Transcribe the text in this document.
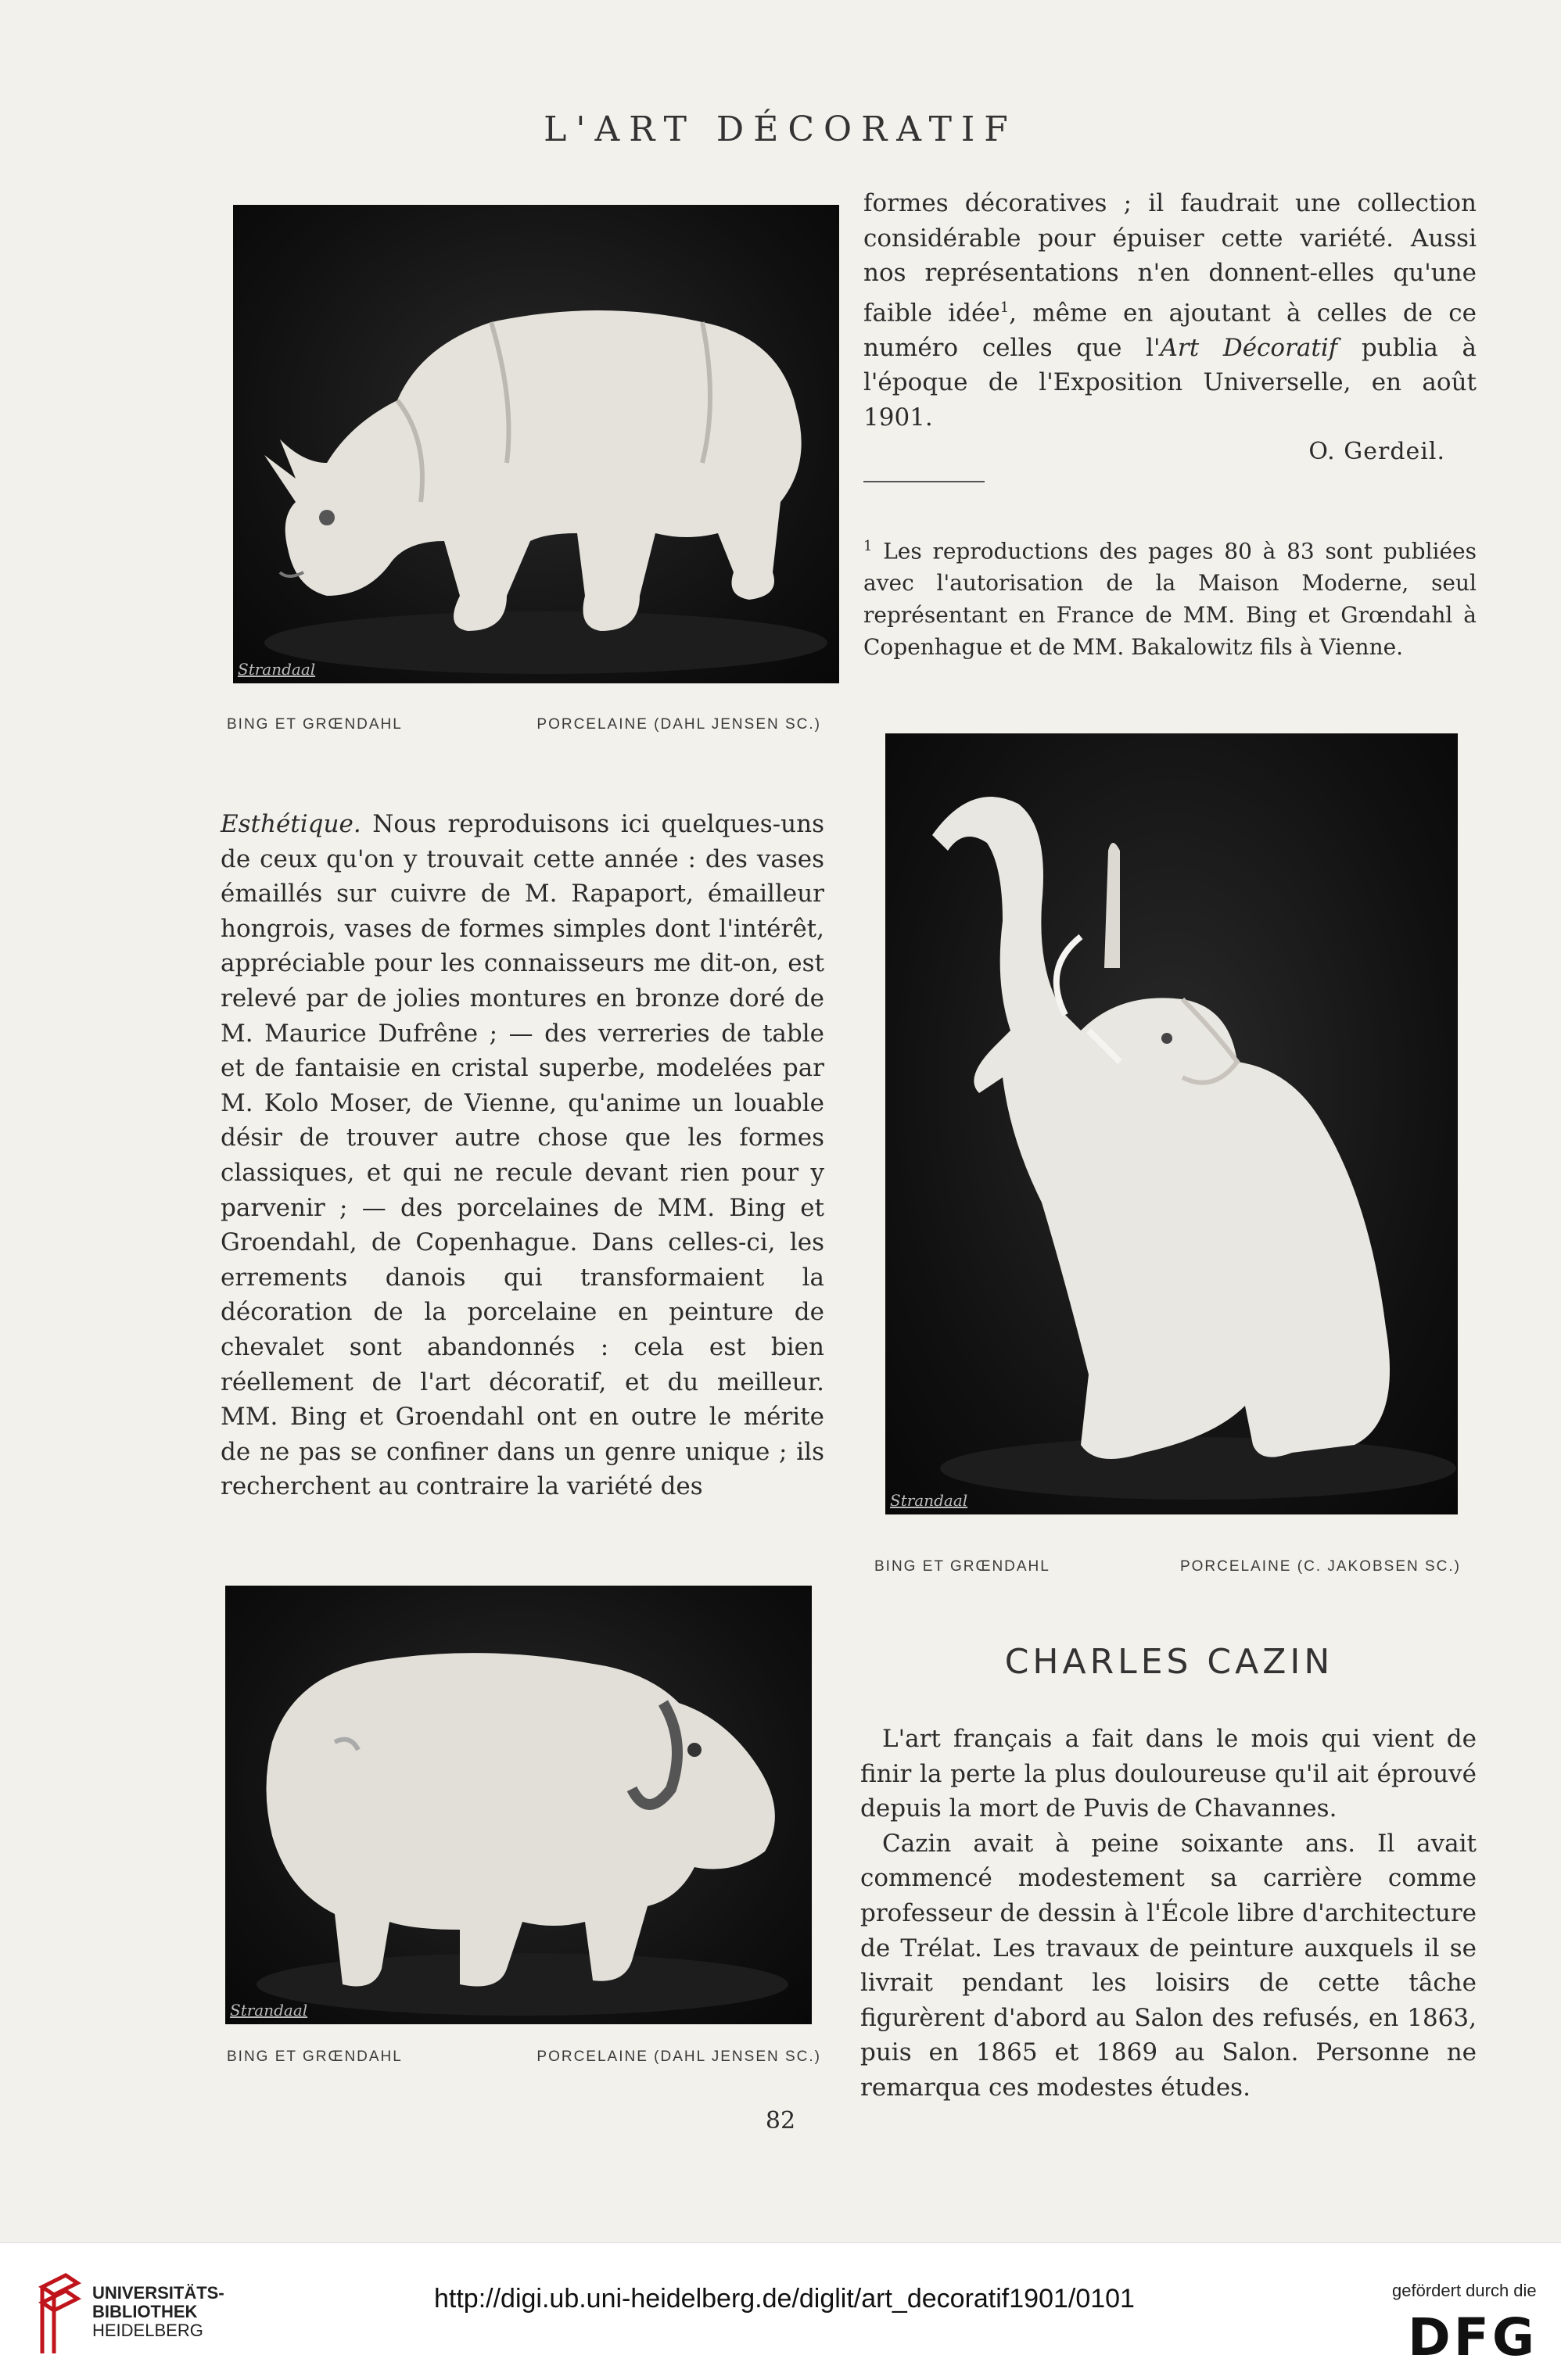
L'ART DÉCORATIF
Strandaal
BING ET GRŒNDAHL	PORCELAINE (DAHL JENSEN SC.)

formes décoratives ; il faudrait une collection considérable pour épuiser cette variété. Aussi nos représentations n'en donnent-elles qu'une faible idée$^1$, même en ajoutant à celles de ce numéro celles que l'Art Décoratif publia à l'époque de l'Exposition Universelle, en août 1901.

O. Gerdeil.

$^1$ Les reproductions des pages 80 à 83 sont publiées avec l'autorisation de la Maison Moderne, seul représentant en France de MM. Bing et Grœndahl à Copenhague et de MM. Bakalowitz fils à Vienne.

Esthétique. Nous reproduisons ici quelques-uns de ceux qu'on y trouvait cette année : des vases émaillés sur cuivre de M. Rapaport, émailleur hongrois, vases de formes simples dont l'intérêt, appréciable pour les connaisseurs me dit-on, est relevé par de jolies montures en bronze doré de M. Maurice Dufrêne ; — des verreries de table et de fantaisie en cristal superbe, modelées par M. Kolo Moser, de Vienne, qu'anime un louable désir de trouver autre chose que les formes classiques, et qui ne recule devant rien pour y parvenir ; — des porcelaines de MM. Bing et Groendahl, de Copenhague. Dans celles-ci, les errements danois qui transformaient la décoration de la porcelaine en peinture de chevalet sont abandonnés : cela est bien réellement de l'art décoratif, et du meilleur. MM. Bing et Groendahl ont en outre le mérite de ne pas se confiner dans un genre unique ; ils recherchent au contraire la variété des	Strandaal
BING ET GRŒNDAHL	PORCELAINE (C. JAKOBSEN SC.)
Strandaal
BING ET GRŒNDAHL	PORCELAINE (DAHL JENSEN SC.)
CHARLES CAZIN

L'art français a fait dans le mois qui vient de finir la perte la plus douloureuse qu'il ait éprouvé depuis la mort de Puvis de Chavannes.

Cazin avait à peine soixante ans. Il avait commencé modestement sa carrière comme professeur de dessin à l'École libre d'architecture de Trélat. Les travaux de peinture auxquels il se livrait pendant les loisirs de cette tâche figurèrent d'abord au Salon des refusés, en 1863, puis en 1865 et 1869 au Salon. Personne ne remarqua ces modestes études.

82
UNIVERSITÄTS-
BIBLIOTHEK
HEIDELBERG
http://digi.ub.uni-heidelberg.de/diglit/art_decoratif1901/0101	gefördert durch die
DFG
